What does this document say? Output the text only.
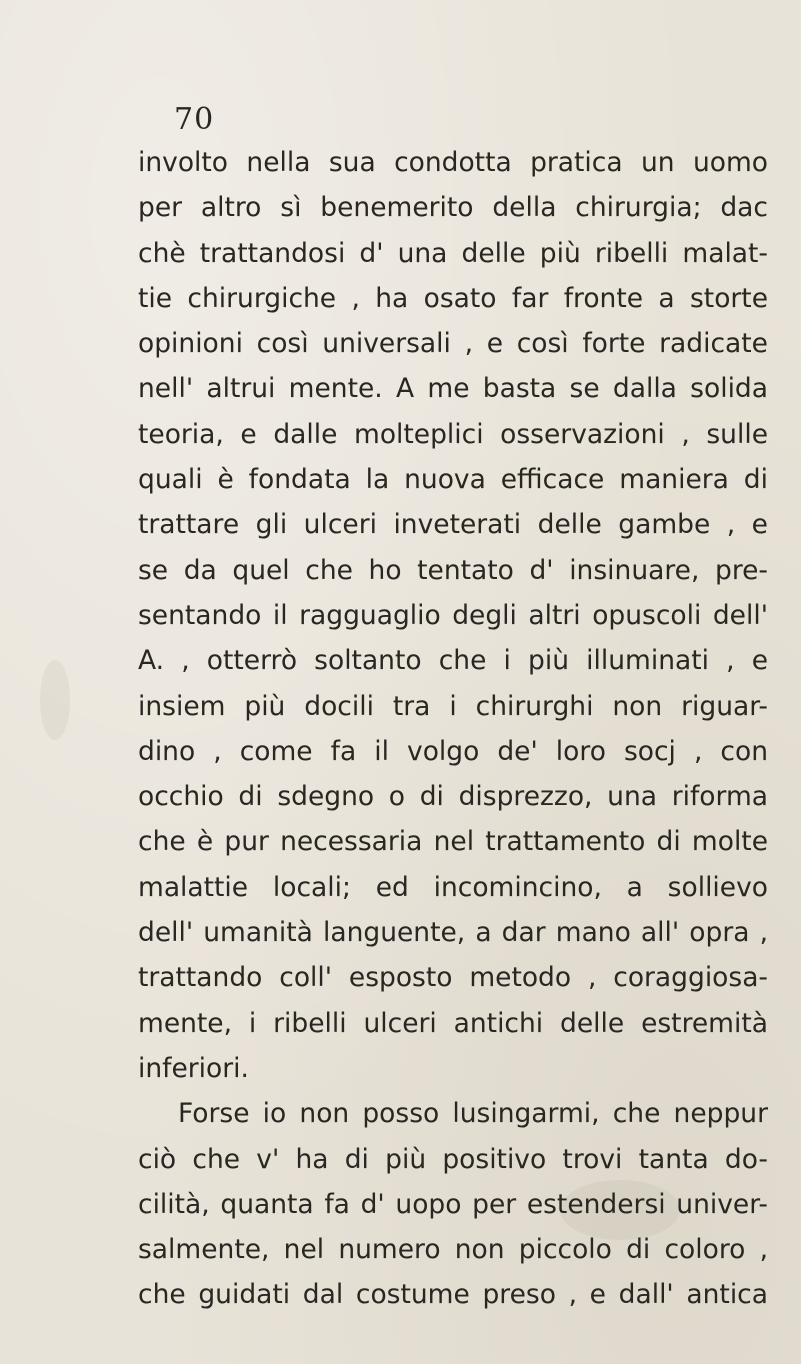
70
involto nella sua condotta pratica un uomo
per altro sì benemerito della chirurgia; dac
chè trattandosi d' una delle più ribelli malat-
tie chirurgiche , ha osato far fronte a storte
opinioni così universali , e così forte radicate
nell' altrui mente. A me basta se dalla solida
teoria, e dalle molteplici osservazioni , sulle
quali è fondata la nuova efficace maniera di
trattare gli ulceri inveterati delle gambe , e
se da quel che ho tentato d' insinuare, pre-
sentando il ragguaglio degli altri opuscoli dell'
A. , otterrò soltanto che i più illuminati , e
insiem più docili tra i chirurghi non riguar-
dino , come fa il volgo de' loro socj , con
occhio di sdegno o di disprezzo, una riforma
che è pur necessaria nel trattamento di molte
malattie locali; ed incomincino, a sollievo
dell' umanità languente, a dar mano all' opra ,
trattando coll' esposto metodo , coraggiosa-
mente, i ribelli ulceri antichi delle estremità
inferiori.
Forse io non posso lusingarmi, che neppur
ciò che v' ha di più positivo trovi tanta do-
cilità, quanta fa d' uopo per estendersi univer-
salmente, nel numero non piccolo di coloro ,
che guidati dal costume preso , e dall' antica
